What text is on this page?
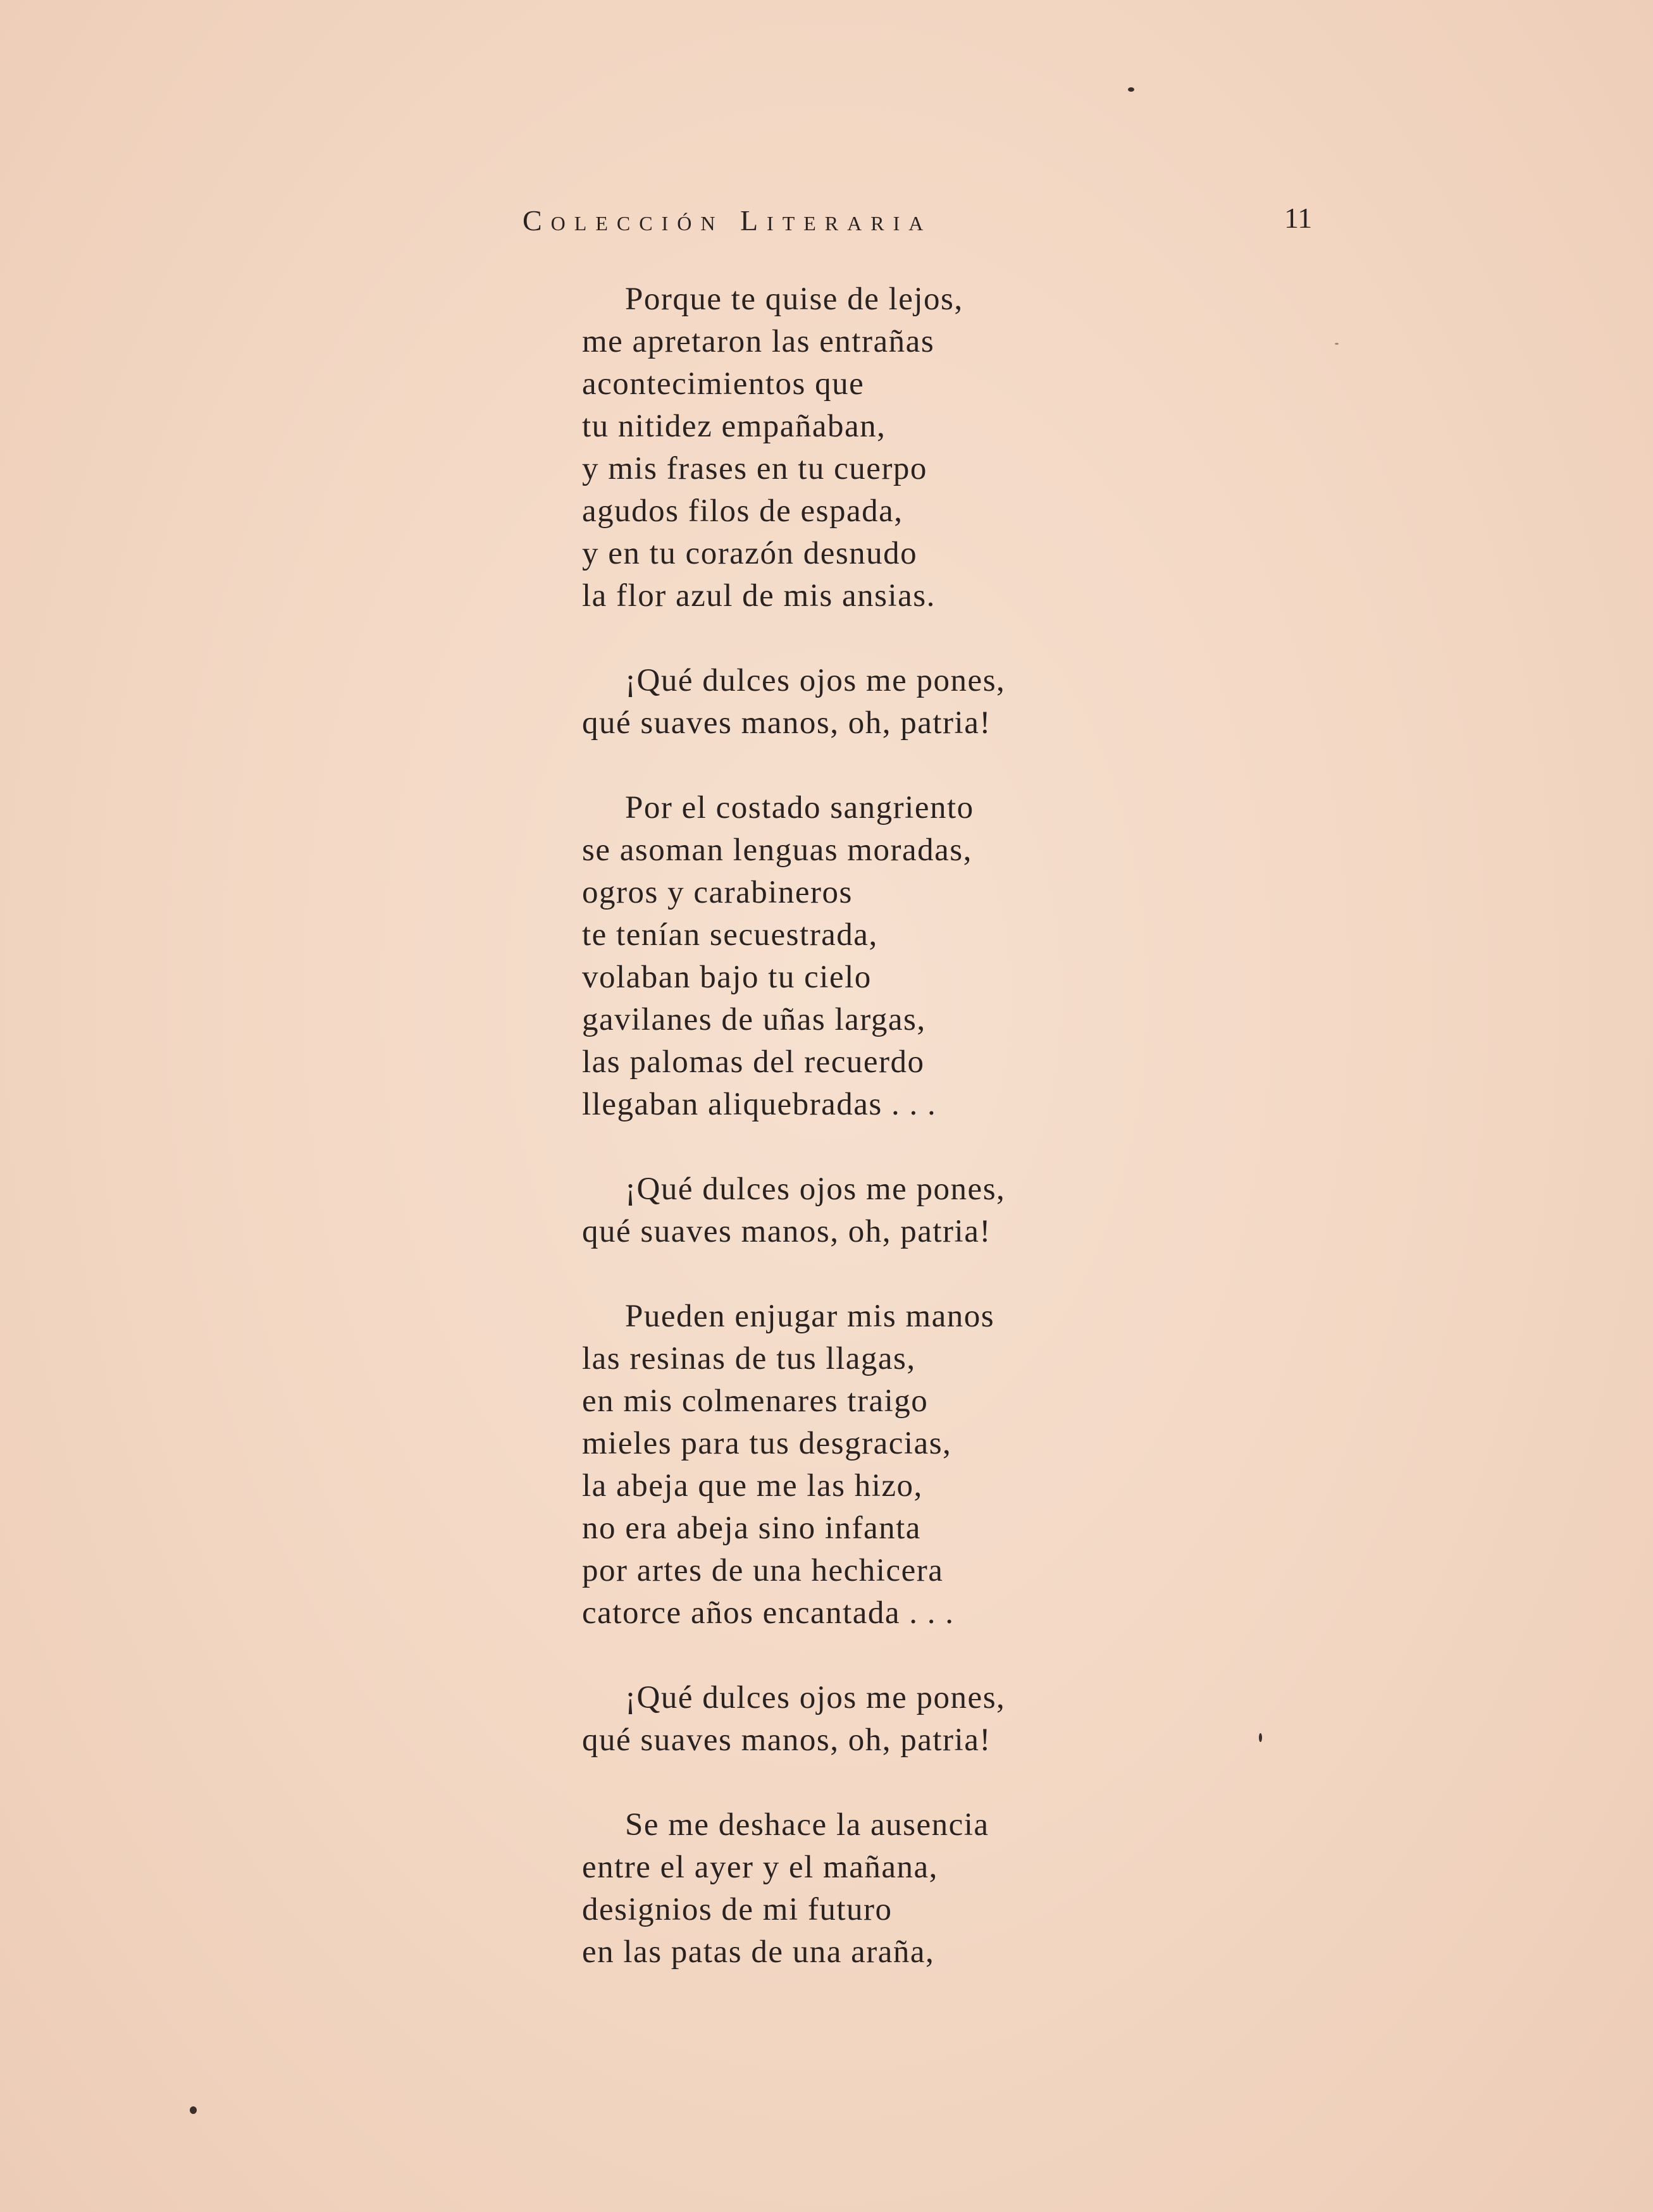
Colección Literaria	11
Porque te quise de lejos,
me apretaron las entrañas
acontecimientos que
tu nitidez empañaban,
y mis frases en tu cuerpo
agudos filos de espada,
y en tu corazón desnudo
la flor azul de mis ansias.
¡Qué dulces ojos me pones,
qué suaves manos, oh, patria!
Por el costado sangriento
se asoman lenguas moradas,
ogros y carabineros
te tenían secuestrada,
volaban bajo tu cielo
gavilanes de uñas largas,
las palomas del recuerdo
llegaban aliquebradas . . .
¡Qué dulces ojos me pones,
qué suaves manos, oh, patria!
Pueden enjugar mis manos
las resinas de tus llagas,
en mis colmenares traigo
mieles para tus desgracias,
la abeja que me las hizo,
no era abeja sino infanta
por artes de una hechicera
catorce años encantada . . .
¡Qué dulces ojos me pones,
qué suaves manos, oh, patria!
Se me deshace la ausencia
entre el ayer y el mañana,
designios de mi futuro
en las patas de una araña,
